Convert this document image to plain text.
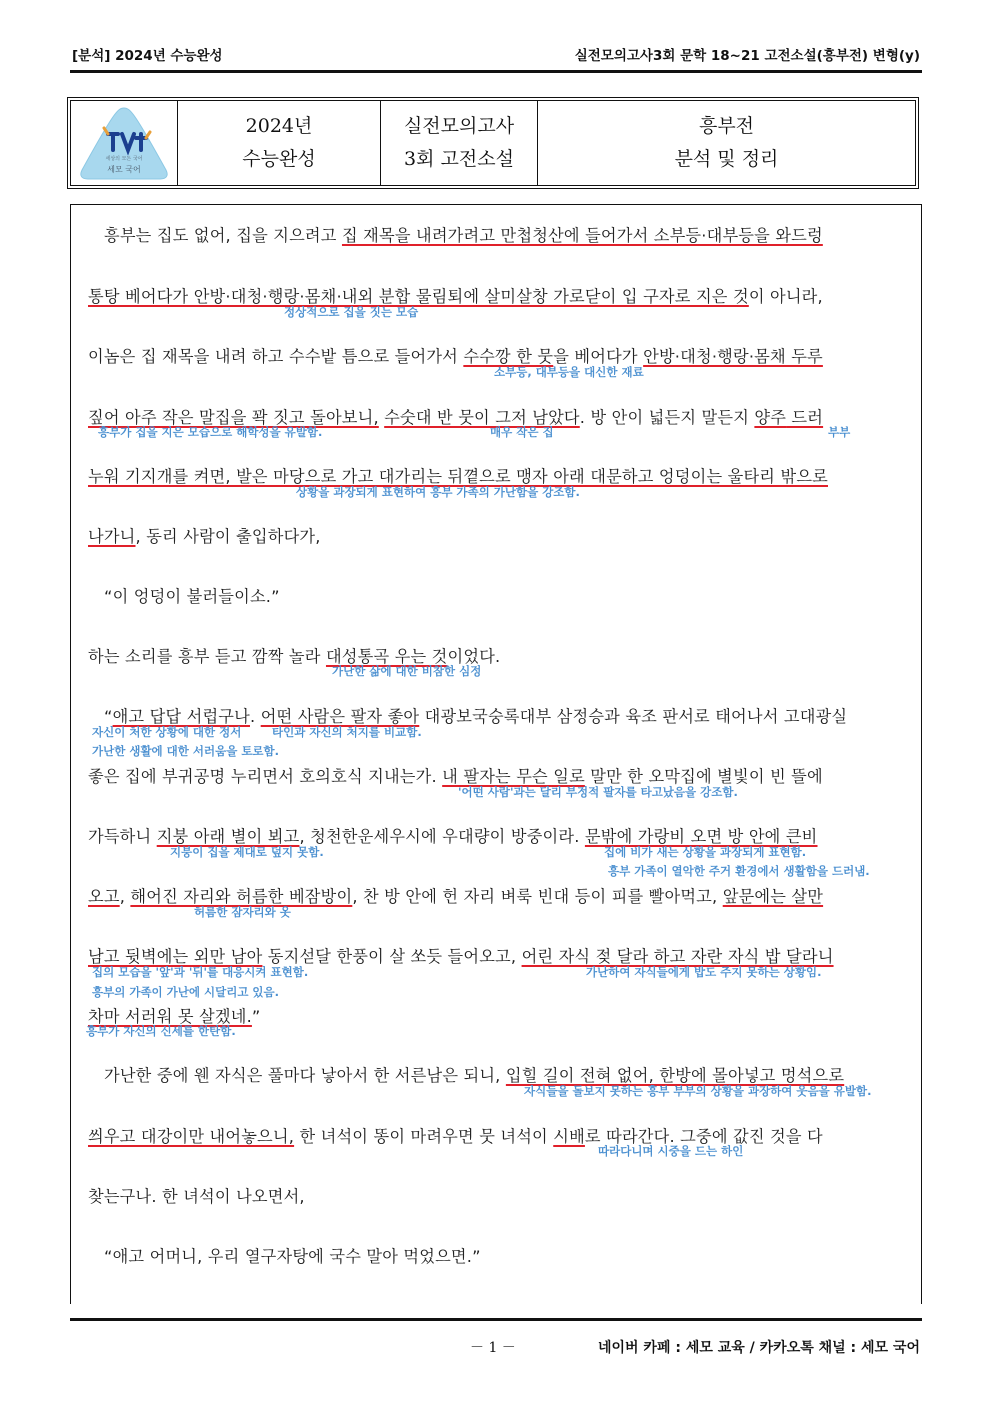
[분석] 2024년 수능완성	실전모의고사3회 문학 18~21 고전소설(흥부전) 변형(y)
세상의 모든 국어
세모 국어
2024년
수능완성
실전모의고사
3회 고전소설
흥부전
분석 및 정리
흥부는 집도 없어, 집을 지으려고 집 재목을 내려가려고 만첩청산에 들어가서 소부등·대부등을 와드렁
통탕 베어다가 안방·대청·행랑·몸채·내외 분합 물림퇴에 살미살창 가로닫이 입 구자로 지은 것이 아니라,
정상적으로 집을 짓는 모습
이놈은 집 재목을 내려 하고 수수밭 틈으로 들어가서 수수깡 한 뭇을 베어다가 안방·대청·행랑·몸채 두루
소부등, 대부등을 대신한 재료
짚어 아주 작은 말집을 꽉 짓고 돌아보니, 수숫대 반 뭇이 그저 남았다. 방 안이 넓든지 말든지 양주 드러
흥부가 집을 지은 모습으로 해학성을 유발함.	매우 작은 집	부부
누워 기지개를 켜면, 발은 마당으로 가고 대가리는 뒤꼍으로 맹자 아래 대문하고 엉덩이는 울타리 밖으로
상황을 과장되게 표현하여 흥부 가족의 가난함을 강조함.
나가니, 동리 사람이 출입하다가,
“이 엉덩이 불러들이소.”
하는 소리를 흥부 듣고 깜짝 놀라 대성통곡 우는 것이었다.
가난한 삶에 대한 비참한 심정
“애고 답답 서럽구나. 어떤 사람은 팔자 좋아 대광보국숭록대부 삼정승과 육조 판서로 태어나서 고대광실
자신이 처한 상황에 대한 정서	타인과 자신의 처지를 비교함.
가난한 생활에 대한 서러움을 토로함.
좋은 집에 부귀공명 누리면서 호의호식 지내는가. 내 팔자는 무슨 일로 말만 한 오막집에 별빛이 빈 뜰에
'어떤 사람'과는 달리 부정적 팔자를 타고났음을 강조함.
가득하니 지붕 아래 별이 뵈고, 청천한운세우시에 우대량이 방중이라. 문밖에 가랑비 오면 방 안에 큰비
지붕이 집을 제대로 덮지 못함.	집에 비가 새는 상황을 과장되게 표현함.
흥부 가족이 열악한 주거 환경에서 생활함을 드러냄.
오고, 해어진 자리와 허름한 베잠방이, 찬 방 안에 헌 자리 벼룩 빈대 등이 피를 빨아먹고, 앞문에는 살만
허름한 잠자리와 옷
남고 뒷벽에는 외만 남아 동지섣달 한풍이 살 쏘듯 들어오고, 어린 자식 젖 달라 하고 자란 자식 밥 달라니
집의 모습을 '앞'과 '뒤'를 대응시켜 표현함.	가난하여 자식들에게 밥도 주지 못하는 상황임.
흥부의 가족이 가난에 시달리고 있음.
차마 서러워 못 살겠네.”
흥부가 자신의 신세를 한탄함.
가난한 중에 웬 자식은 풀마다 낳아서 한 서른남은 되니, 입힐 길이 전혀 없어, 한방에 몰아넣고 멍석으로
자식들을 돌보지 못하는 흥부 부부의 상황을 과장하여 웃음을 유발함.
씌우고 대강이만 내어놓으니, 한 녀석이 똥이 마려우면 뭇 녀석이 시배로 따라간다. 그중에 값진 것을 다
따라다니며 시중을 드는 하인
찾는구나. 한 녀석이 나오면서,
“애고 어머니, 우리 열구자탕에 국수 말아 먹었으면.”
－ 1 －	네이버 카페 : 세모 교육 / 카카오톡 채널 : 세모 국어
